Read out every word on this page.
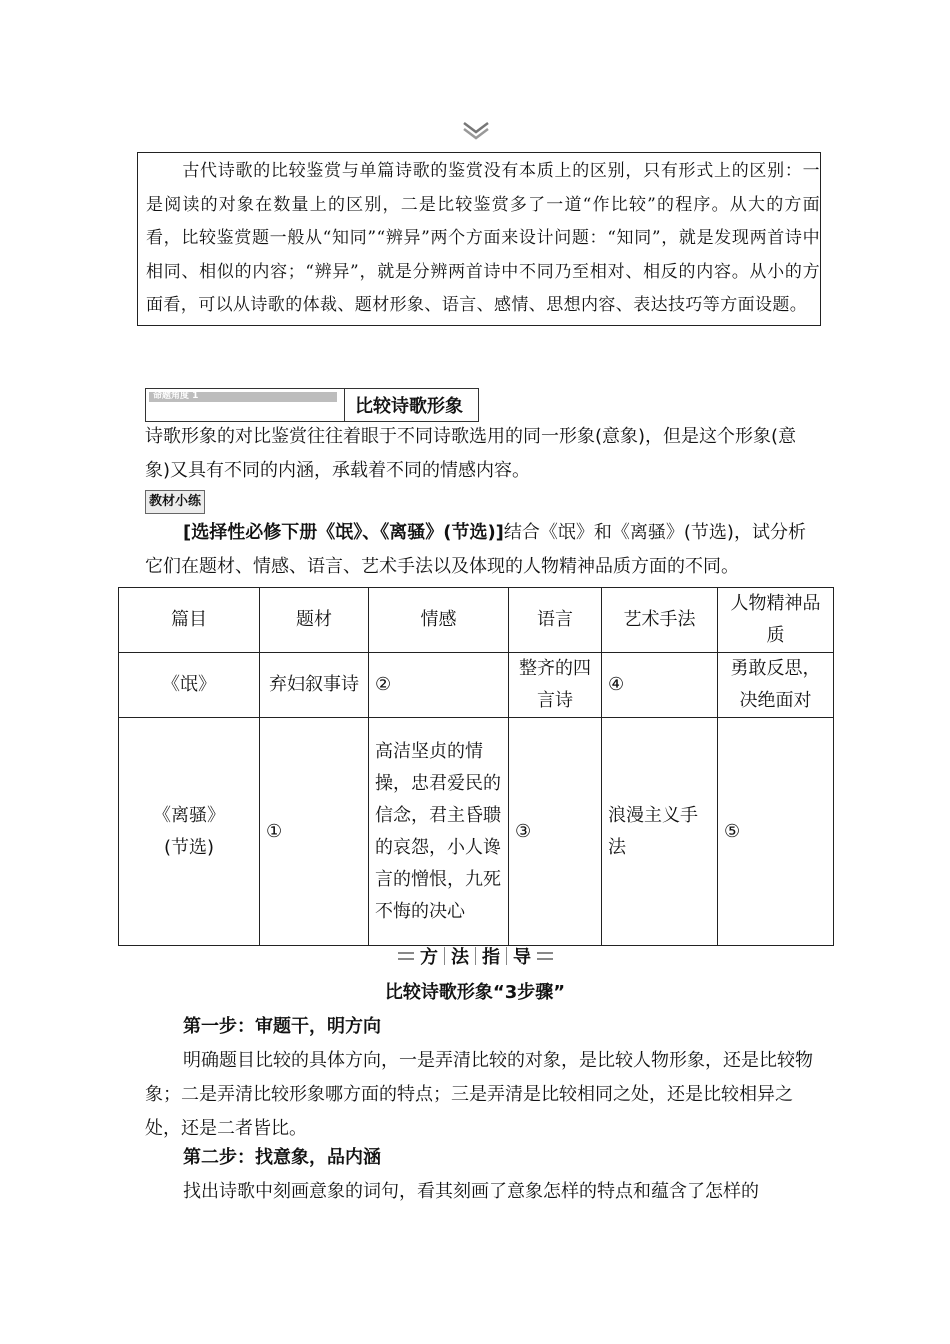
古代诗歌的比较鉴赏与单篇诗歌的鉴赏没有本质上的区别，只有形式上的区别：一是阅读的对象在数量上的区别，二是比较鉴赏多了一道“作比较”的程序。从大的方面看，比较鉴赏题一般从“知同”“辨异”两个方面来设计问题：“知同”，就是发现两首诗中相同、相似的内容；“辨异”，就是分辨两首诗中不同乃至相对、相反的内容。从小的方面看，可以从诗歌的体裁、题材形象、语言、感情、思想内容、表达技巧等方面设题。
命题角度 1	比较诗歌形象
诗歌形象的对比鉴赏往往着眼于不同诗歌选用的同一形象(意象)，但是这个形象(意象)又具有不同的内涵，承载着不同的情感内容。
教材小练
[选择性必修下册《氓》、《离骚》(节选)]结合《氓》和《离骚》(节选)，试分析它们在题材、情感、语言、艺术手法以及体现的人物精神品质方面的不同。
篇目	题材	情感	语言	艺术手法	人物精神品质
《氓》	弃妇叙事诗	②	整齐的四言诗	④	勇敢反思，决绝面对
《离骚》(节选)	①	高洁坚贞的情操，忠君爱民的信念，君主昏聩的哀怨，小人谗言的憎恨，九死不悔的决心	③	浪漫主义手法	⑤
方 法 指 导
比较诗歌形象“3步骤”
第一步：审题干，明方向
明确题目比较的具体方向，一是弄清比较的对象，是比较人物形象，还是比较物象；二是弄清比较形象哪方面的特点；三是弄清是比较相同之处，还是比较相异之处，还是二者皆比。
第二步：找意象，品内涵
找出诗歌中刻画意象的词句，看其刻画了意象怎样的特点和蕴含了怎样的
